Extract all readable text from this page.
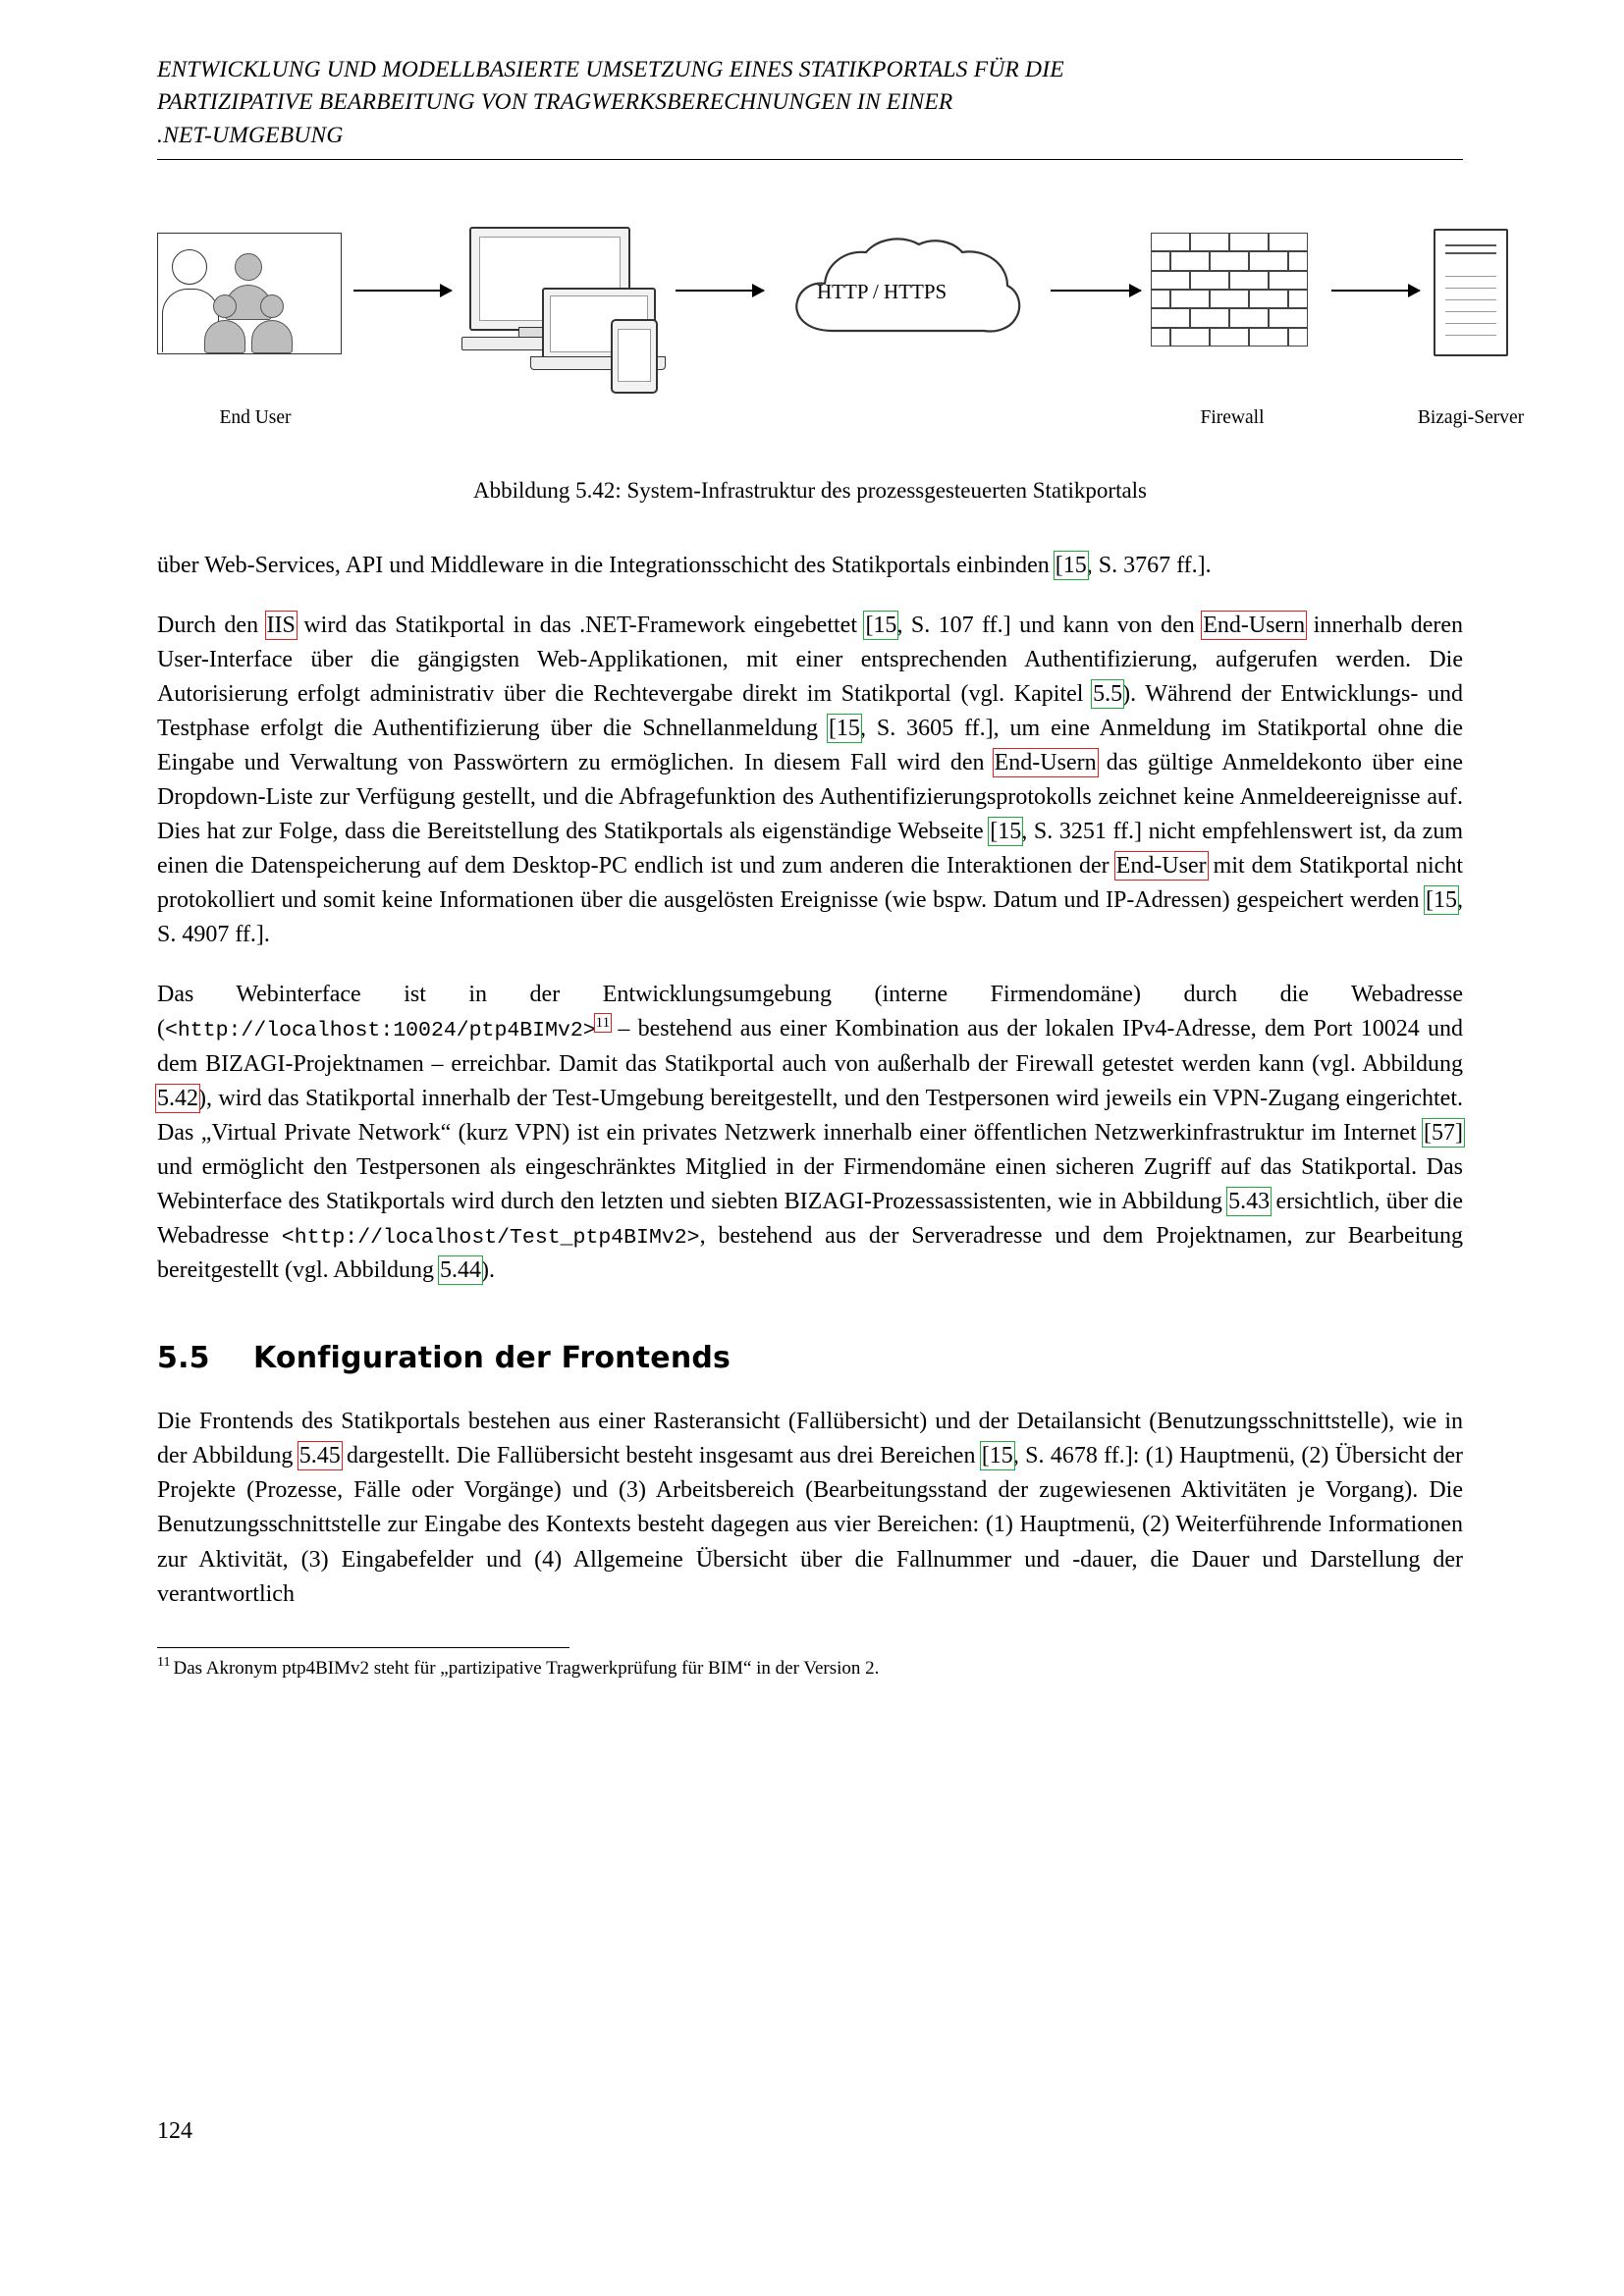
ENTWICKLUNG UND MODELLBASIERTE UMSETZUNG EINES STATIKPORTALS FÜR DIE
PARTIZIPATIVE BEARBEITUNG VON TRAGWERKSBERECHNUNGEN IN EINER
.NET-UMGEBUNG
HTTP / HTTPS
End User	Firewall	Bizagi-Server
Abbildung 5.42: System-Infrastruktur des prozessgesteuerten Statikportals

über Web-Services, API und Middleware in die Integrationsschicht des Statikportals einbinden [15, S. 3767 ff.].

Durch den IIS wird das Statikportal in das .NET-Framework eingebettet [15, S. 107 ff.] und kann von den End-Usern innerhalb deren User-Interface über die gängigsten Web-Applikationen, mit einer entsprechenden Authentifizierung, aufgerufen werden. Die Autorisierung erfolgt administrativ über die Rechtevergabe direkt im Statikportal (vgl. Kapitel 5.5). Während der Entwicklungs- und Testphase erfolgt die Authentifizierung über die Schnellanmeldung [15, S. 3605 ff.], um eine Anmeldung im Statikportal ohne die Eingabe und Verwaltung von Passwörtern zu ermöglichen. In diesem Fall wird den End-Usern das gültige Anmeldekonto über eine Dropdown-Liste zur Verfügung gestellt, und die Abfragefunktion des Authentifizierungsprotokolls zeichnet keine Anmeldeereignisse auf. Dies hat zur Folge, dass die Bereitstellung des Statikportals als eigenständige Webseite [15, S. 3251 ff.] nicht empfehlenswert ist, da zum einen die Datenspeicherung auf dem Desktop-PC endlich ist und zum anderen die Interaktionen der End-User mit dem Statikportal nicht protokolliert und somit keine Informationen über die ausgelösten Ereignisse (wie bspw. Datum und IP-Adressen) gespeichert werden [15, S. 4907 ff.].

Das Webinterface ist in der Entwicklungsumgebung (interne Firmendomäne) durch die Webadresse (<http://localhost:10024/ptp4BIMv2>$^{11}$ – bestehend aus einer Kombination aus der lokalen IPv4-Adresse, dem Port 10024 und dem BIZAGI-Projektnamen – erreichbar. Damit das Statikportal auch von außerhalb der Firewall getestet werden kann (vgl. Abbildung 5.42), wird das Statikportal innerhalb der Test-Umgebung bereitgestellt, und den Testpersonen wird jeweils ein VPN-Zugang eingerichtet. Das „Virtual Private Network“ (kurz VPN) ist ein privates Netzwerk innerhalb einer öffentlichen Netzwerkinfrastruktur im Internet [57] und ermöglicht den Testpersonen als eingeschränktes Mitglied in der Firmendomäne einen sicheren Zugriff auf das Statikportal. Das Webinterface des Statikportals wird durch den letzten und siebten BIZAGI-Prozessassistenten, wie in Abbildung 5.43 ersichtlich, über die Webadresse <http://localhost/Test_ptp4BIMv2>, bestehend aus der Serveradresse und dem Projektnamen, zur Bearbeitung bereitgestellt (vgl. Abbildung 5.44).

5.5 Konfiguration der Frontends

Die Frontends des Statikportals bestehen aus einer Rasteransicht (Fallübersicht) und der Detailansicht (Benutzungsschnittstelle), wie in der Abbildung 5.45 dargestellt. Die Fallübersicht besteht insgesamt aus drei Bereichen [15, S. 4678 ff.]: (1) Hauptmenü, (2) Übersicht der Projekte (Prozesse, Fälle oder Vorgänge) und (3) Arbeitsbereich (Bearbeitungsstand der zugewiesenen Aktivitäten je Vorgang). Die Benutzungsschnittstelle zur Eingabe des Kontexts besteht dagegen aus vier Bereichen: (1) Hauptmenü, (2) Weiterführende Informationen zur Aktivität, (3) Eingabefelder und (4) Allgemeine Übersicht über die Fallnummer und -dauer, die Dauer und Darstellung der verantwortlich

$^{11}$ Das Akronym ptp4BIMv2 steht für „partizipative Tragwerkprüfung für BIM“ in der Version 2.
124
